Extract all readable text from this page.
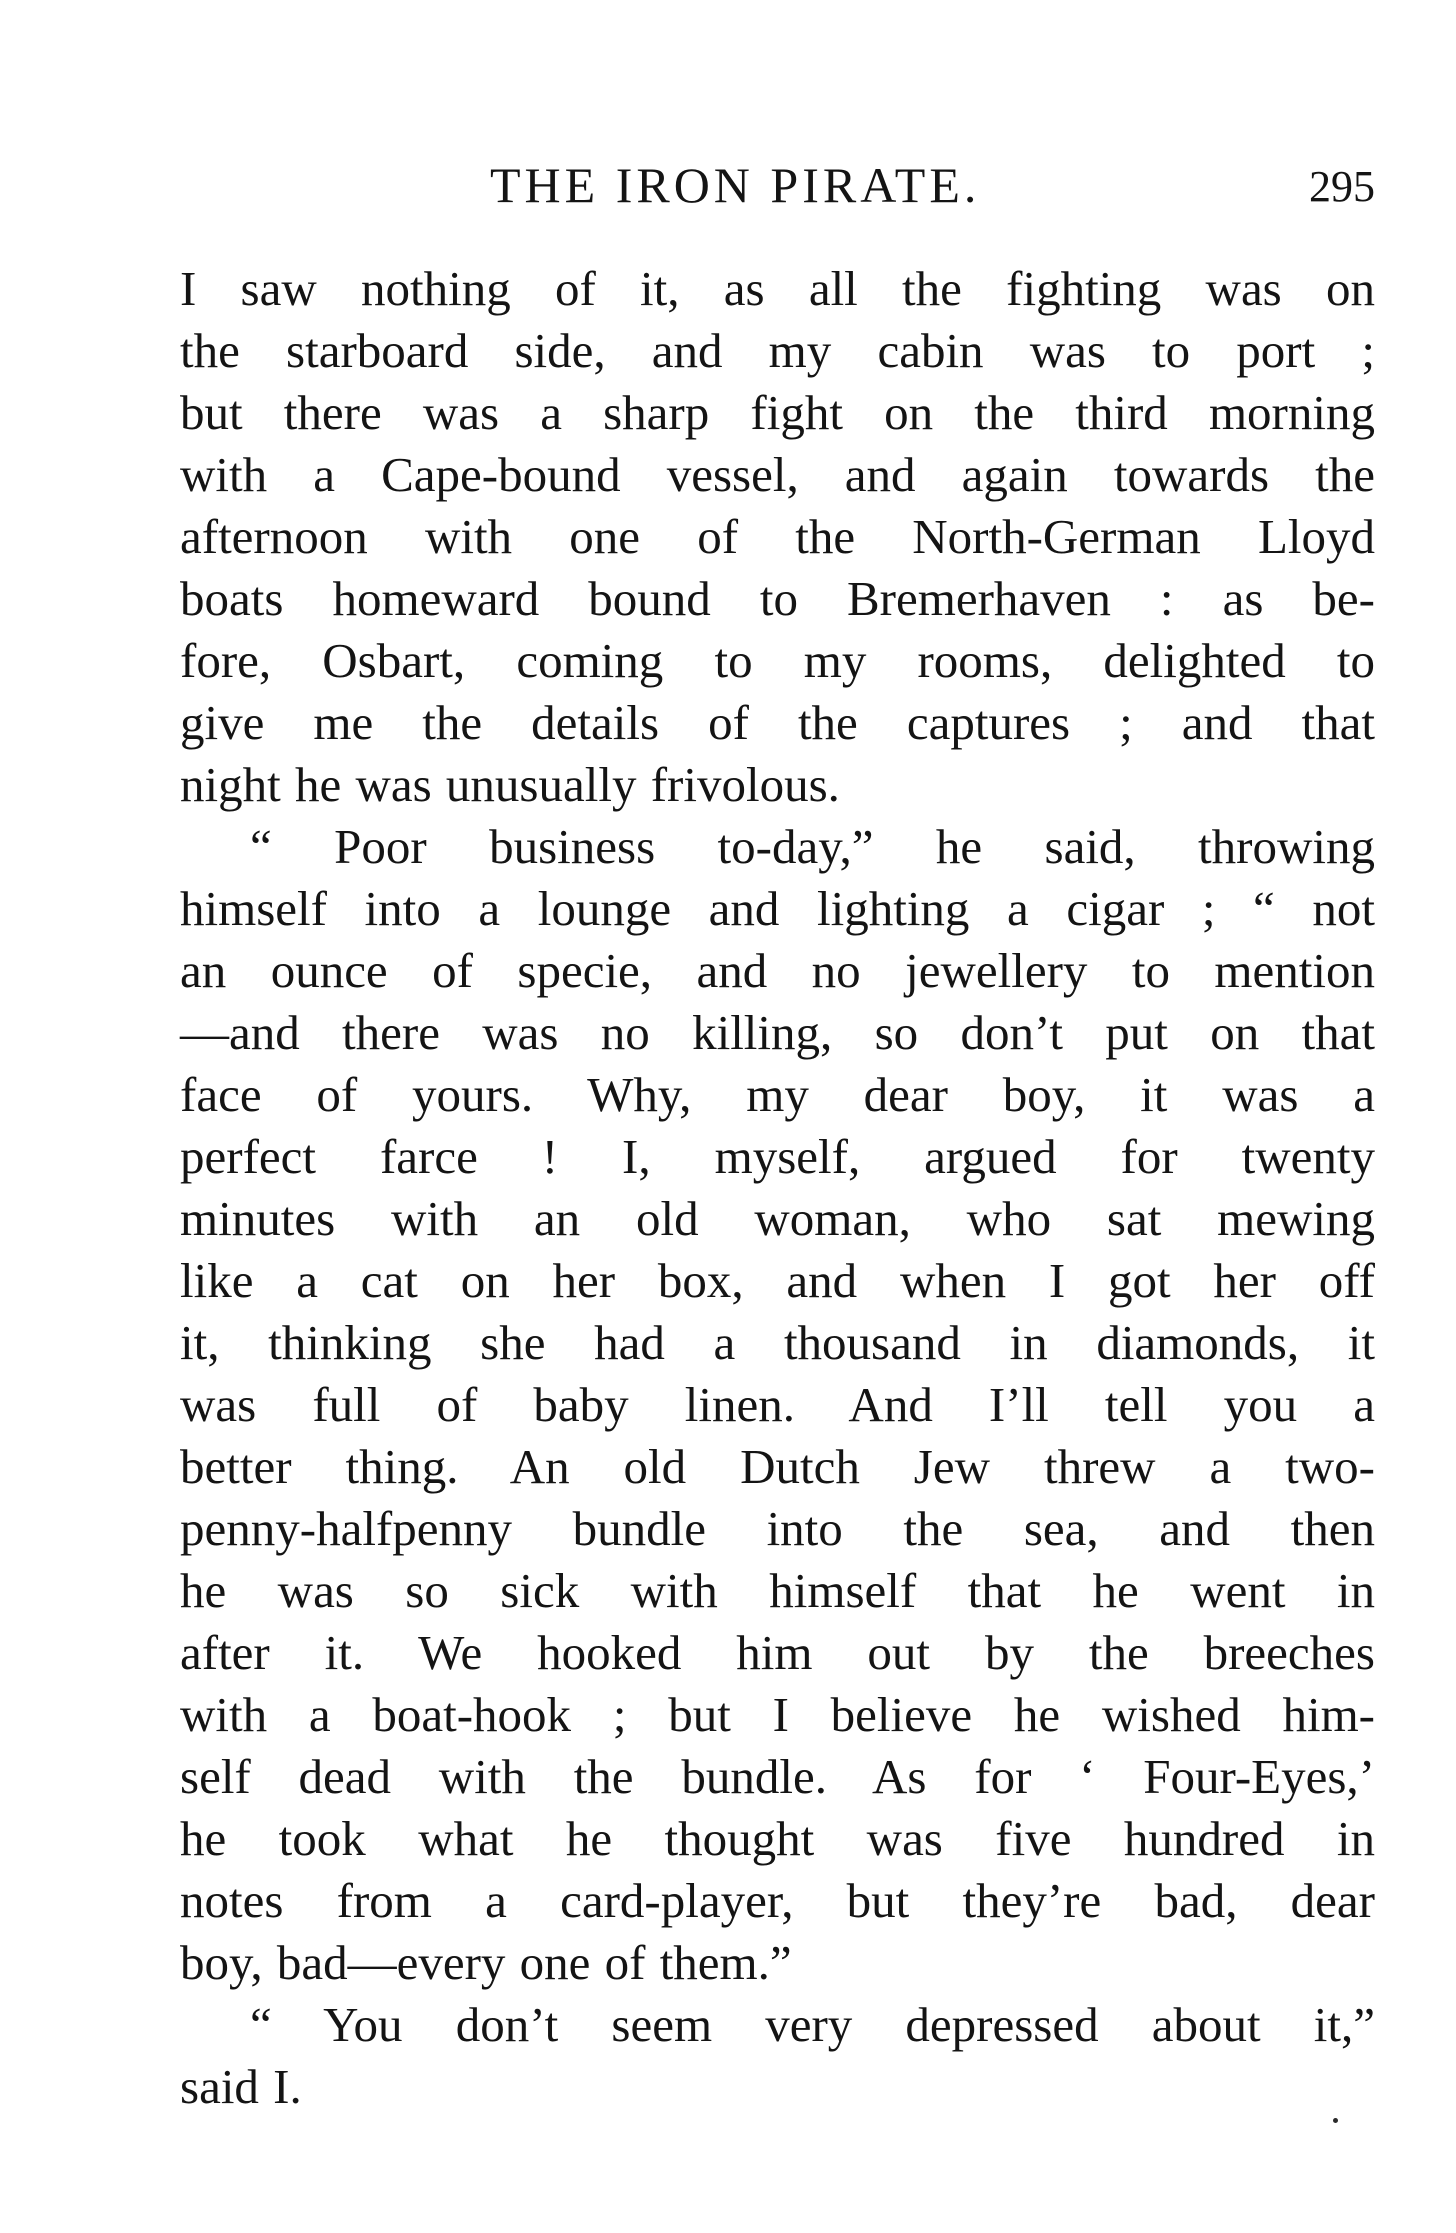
THE IRON PIRATE.	295
I saw nothing of it, as all the fighting was on
the starboard side, and my cabin was to port ;
but there was a sharp fight on the third morning
with a Cape-bound vessel, and again towards the
afternoon with one of the North-German Lloyd
boats homeward bound to Bremerhaven : as be-
fore, Osbart, coming to my rooms, delighted to
give me the details of the captures ; and that
night he was unusually frivolous.
“ Poor business to-day,” he said, throwing
himself into a lounge and lighting a cigar ; “ not
an ounce of specie, and no jewellery to mention
—and there was no killing, so don’t put on that
face of yours. Why, my dear boy, it was a
perfect farce ! I, myself, argued for twenty
minutes with an old woman, who sat mewing
like a cat on her box, and when I got her off
it, thinking she had a thousand in diamonds, it
was full of baby linen. And I’ll tell you a
better thing. An old Dutch Jew threw a two-
penny-halfpenny bundle into the sea, and then
he was so sick with himself that he went in
after it. We hooked him out by the breeches
with a boat-hook ; but I believe he wished him-
self dead with the bundle. As for ‘ Four-Eyes,’
he took what he thought was five hundred in
notes from a card-player, but they’re bad, dear
boy, bad—every one of them.”
“ You don’t seem very depressed about it,”
said I.
